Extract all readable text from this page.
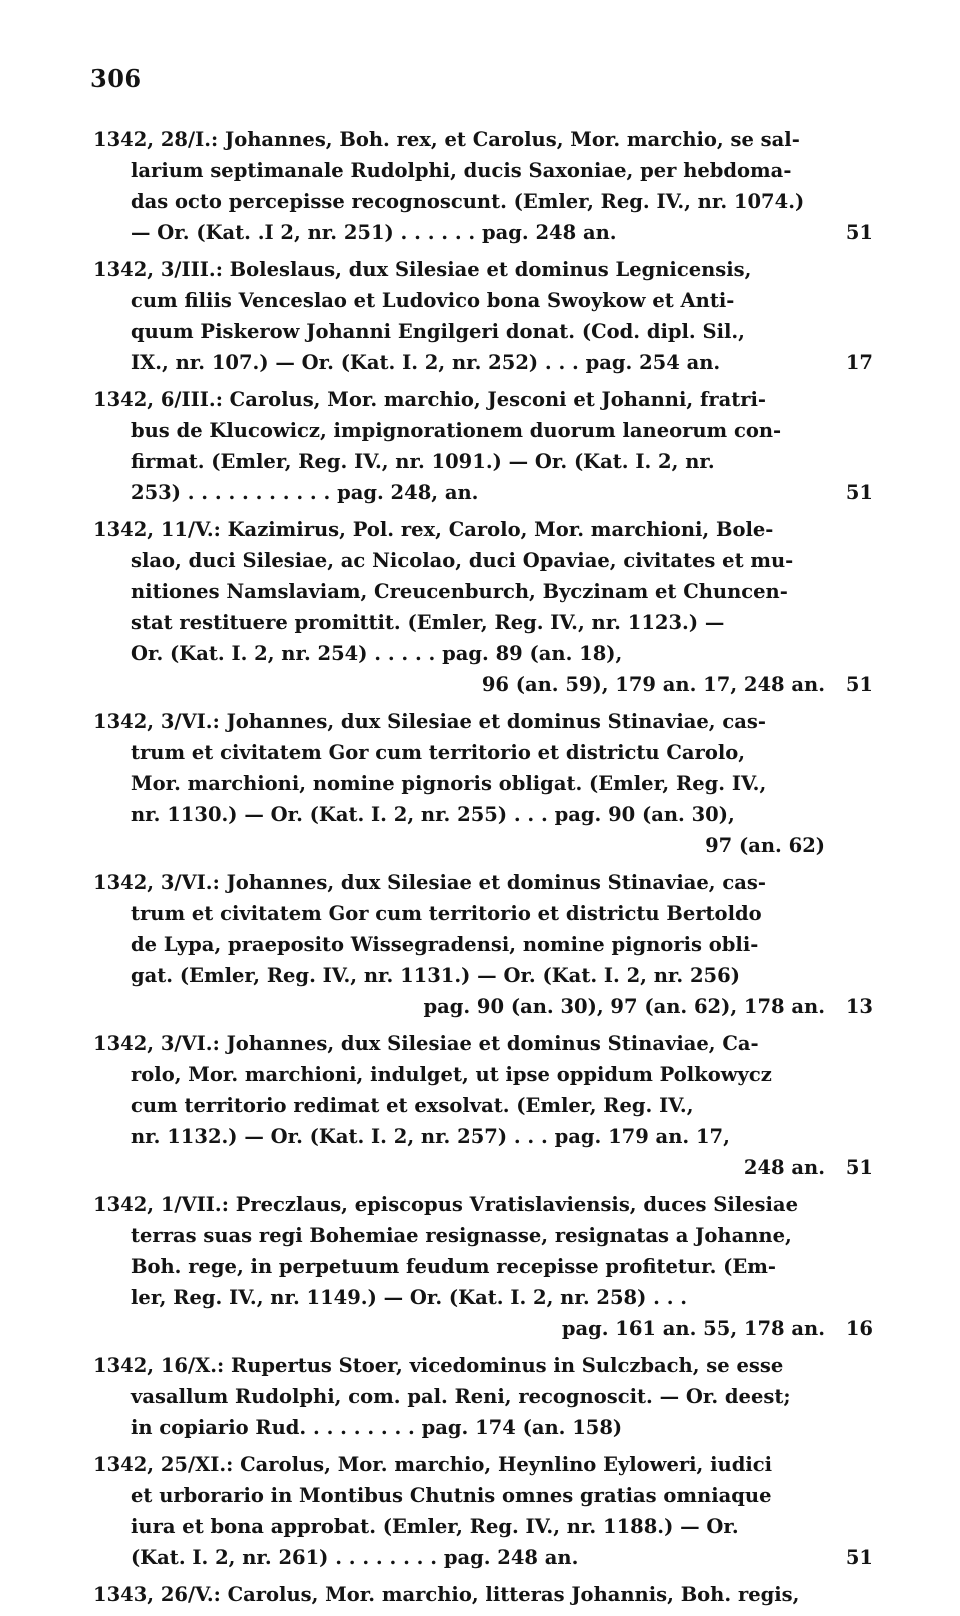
306
1342, 28/I.: Johannes, Boh. rex, et Carolus, Mor. marchio, se sal-
larium septimanale Rudolphi, ducis Saxoniae, per hebdoma-
das octo percepisse recognoscunt. (Emler, Reg. IV., nr. 1074.)
— Or. (Kat. .I 2, nr. 251) . . . . . . pag. 248 an.	51
1342, 3/III.: Boleslaus, dux Silesiae et dominus Legnicensis,
cum filiis Venceslao et Ludovico bona Swoykow et Anti-
quum Piskerow Johanni Engilgeri donat. (Cod. dipl. Sil.,
IX., nr. 107.) — Or. (Kat. I. 2, nr. 252) . . . pag. 254 an.	17
1342, 6/III.: Carolus, Mor. marchio, Jesconi et Johanni, fratri-
bus de Klucowicz, impignorationem duorum laneorum con-
firmat. (Emler, Reg. IV., nr. 1091.) — Or. (Kat. I. 2, nr.
253) . . . . . . . . . . . pag. 248, an.	51
1342, 11/V.: Kazimirus, Pol. rex, Carolo, Mor. marchioni, Bole-
slao, duci Silesiae, ac Nicolao, duci Opaviae, civitates et mu-
nitiones Namslaviam, Creucenburch, Byczinam et Chuncen-
stat restituere promittit. (Emler, Reg. IV., nr. 1123.) —
Or. (Kat. I. 2, nr. 254) . . . . . pag. 89 (an. 18),
96 (an. 59), 179 an. 17, 248 an.	51
1342, 3/VI.: Johannes, dux Silesiae et dominus Stinaviae, cas-
trum et civitatem Gor cum territorio et districtu Carolo,
Mor. marchioni, nomine pignoris obligat. (Emler, Reg. IV.,
nr. 1130.) — Or. (Kat. I. 2, nr. 255) . . . pag. 90 (an. 30),
97 (an. 62)
1342, 3/VI.: Johannes, dux Silesiae et dominus Stinaviae, cas-
trum et civitatem Gor cum territorio et districtu Bertoldo
de Lypa, praeposito Wissegradensi, nomine pignoris obli-
gat. (Emler, Reg. IV., nr. 1131.) — Or. (Kat. I. 2, nr. 256)
pag. 90 (an. 30), 97 (an. 62), 178 an.	13
1342, 3/VI.: Johannes, dux Silesiae et dominus Stinaviae, Ca-
rolo, Mor. marchioni, indulget, ut ipse oppidum Polkowycz
cum territorio redimat et exsolvat. (Emler, Reg. IV.,
nr. 1132.) — Or. (Kat. I. 2, nr. 257) . . . pag. 179 an. 17,
248 an.	51
1342, 1/VII.: Preczlaus, episcopus Vratislaviensis, duces Silesiae
terras suas regi Bohemiae resignasse, resignatas a Johanne,
Boh. rege, in perpetuum feudum recepisse profitetur. (Em-
ler, Reg. IV., nr. 1149.) — Or. (Kat. I. 2, nr. 258) . . .
pag. 161 an. 55, 178 an.	16
1342, 16/X.: Rupertus Stoer, vicedominus in Sulczbach, se esse
vasallum Rudolphi, com. pal. Reni, recognoscit. — Or. deest;
in copiario Rud. . . . . . . . . pag. 174 (an. 158)
1342, 25/XI.: Carolus, Mor. marchio, Heynlino Eyloweri, iudici
et urborario in Montibus Chutnis omnes gratias omniaque
iura et bona approbat. (Emler, Reg. IV., nr. 1188.) — Or.
(Kat. I. 2, nr. 261) . . . . . . . . pag. 248 an.	51
1343, 26/V.: Carolus, Mor. marchio, litteras Johannis, Boh. regis,
